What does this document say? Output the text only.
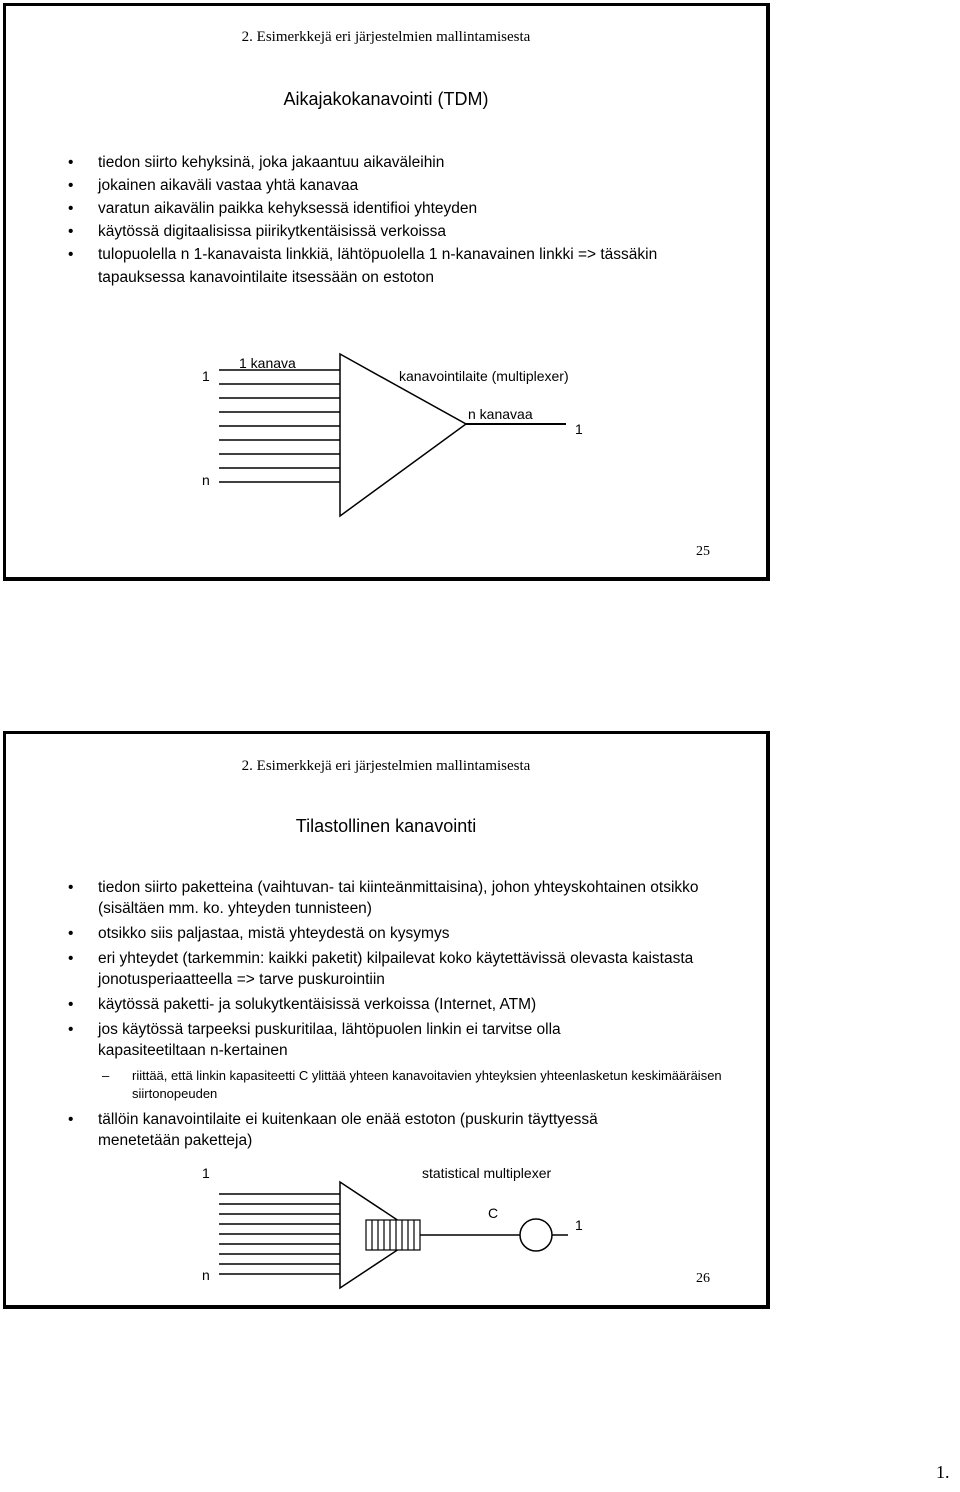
2. Esimerkkejä eri järjestelmien mallintamisesta
Aikajakokanavointi (TDM)
• tiedon siirto kehyksinä, joka jakaantuu aikaväleihin
• jokainen aikaväli vastaa yhtä kanavaa
• varatun aikavälin paikka kehyksessä identifioi yhteyden
• käytössä digitaalisissa piirikytkentäisissä verkoissa
• tulopuolella n 1-kanavaista linkkiä, lähtöpuolella 1 n-kanavainen linkki => tässäkin tapauksessa kanavointilaite itsessään on estoton
1
1 kanava
kanavointilaite (multiplexer)
n kanavaa
1
n
25
2. Esimerkkejä eri järjestelmien mallintamisesta
Tilastollinen kanavointi
• tiedon siirto paketteina (vaihtuvan- tai kiinteänmittaisina), johon yhteyskohtainen otsikko (sisältäen mm. ko. yhteyden tunnisteen)
• otsikko siis paljastaa, mistä yhteydestä on kysymys
• eri yhteydet (tarkemmin: kaikki paketit) kilpailevat koko käytettävissä olevasta kaistasta jonotusperiaatteella => tarve puskurointiin
• käytössä paketti- ja solukytkentäisissä verkoissa (Internet, ATM)
• jos käytössä tarpeeksi puskuritilaa, lähtöpuolen linkin ei tarvitse olla kapasiteetiltaan n-kertainen
– riittää, että linkin kapasiteetti C ylittää yhteen kanavoitavien yhteyksien yhteenlasketun keskimääräisen siirtonopeuden
• tällöin kanavointilaite ei kuitenkaan ole enää estoton (puskurin täyttyessä menetetään paketteja)
1	statistical multiplexer
C
1
n	26
1.
